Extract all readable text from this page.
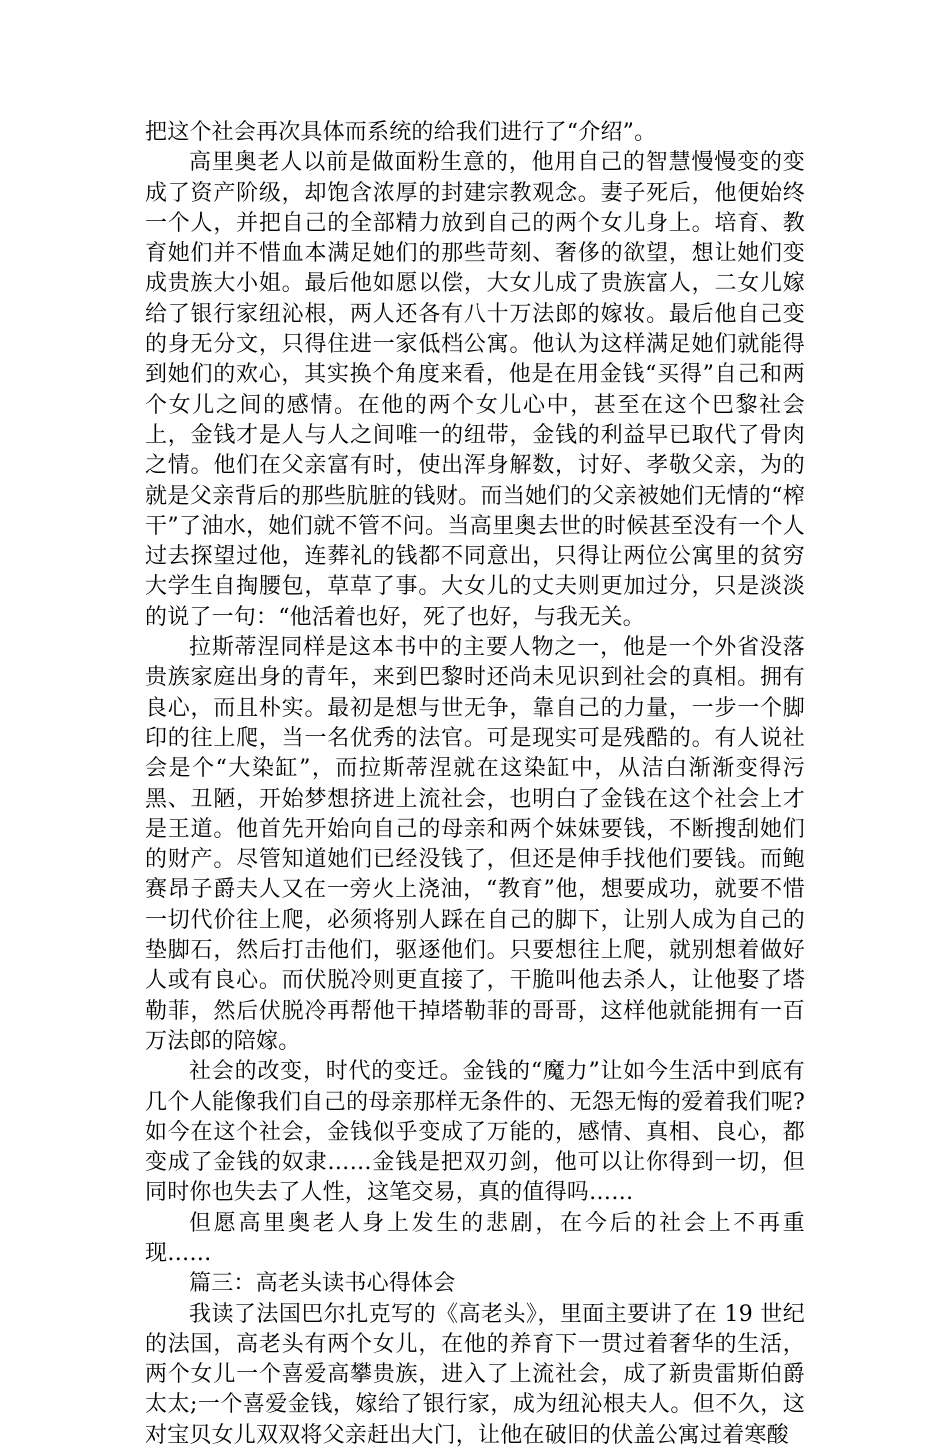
把这个社会再次具体而系统的给我们进行了“介绍”。

高里奥老人以前是做面粉生意的，他用自己的智慧慢慢变的变成了资产阶级，却饱含浓厚的封建宗教观念。妻子死后，他便始终一个人，并把自己的全部精力放到自己的两个女儿身上。培育、教育她们并不惜血本满足她们的那些苛刻、奢侈的欲望，想让她们变成贵族大小姐。最后他如愿以偿，大女儿成了贵族富人，二女儿嫁给了银行家纽沁根，两人还各有八十万法郎的嫁妆。最后他自己变的身无分文，只得住进一家低档公寓。他认为这样满足她们就能得到她们的欢心，其实换个角度来看，他是在用金钱“买得”自己和两个女儿之间的感情。在他的两个女儿心中，甚至在这个巴黎社会上，金钱才是人与人之间唯一的纽带，金钱的利益早已取代了骨肉之情。他们在父亲富有时，使出浑身解数，讨好、孝敬父亲，为的就是父亲背后的那些肮脏的钱财。而当她们的父亲被她们无情的“榨干”了油水，她们就不管不问。当高里奥去世的时候甚至没有一个人过去探望过他，连葬礼的钱都不同意出，只得让两位公寓里的贫穷大学生自掏腰包，草草了事。大女儿的丈夫则更加过分，只是淡淡的说了一句：“他活着也好，死了也好，与我无关。

拉斯蒂涅同样是这本书中的主要人物之一，他是一个外省没落贵族家庭出身的青年，来到巴黎时还尚未见识到社会的真相。拥有良心，而且朴实。最初是想与世无争，靠自己的力量，一步一个脚印的往上爬，当一名优秀的法官。可是现实可是残酷的。有人说社会是个“大染缸”，而拉斯蒂涅就在这染缸中，从洁白渐渐变得污黑、丑陋，开始梦想挤进上流社会，也明白了金钱在这个社会上才是王道。他首先开始向自己的母亲和两个妹妹要钱，不断搜刮她们的财产。尽管知道她们已经没钱了，但还是伸手找他们要钱。而鲍赛昂子爵夫人又在一旁火上浇油，“教育”他，想要成功，就要不惜一切代价往上爬，必须将别人踩在自己的脚下，让别人成为自己的垫脚石，然后打击他们，驱逐他们。只要想往上爬，就别想着做好人或有良心。而伏脱冷则更直接了，干脆叫他去杀人，让他娶了塔勒菲，然后伏脱冷再帮他干掉塔勒菲的哥哥，这样他就能拥有一百万法郎的陪嫁。

社会的改变，时代的变迁。金钱的“魔力”让如今生活中到底有几个人能像我们自己的母亲那样无条件的、无怨无悔的爱着我们呢?如今在这个社会，金钱似乎变成了万能的，感情、真相、良心，都变成了金钱的奴隶……金钱是把双刃剑，他可以让你得到一切，但同时你也失去了人性，这笔交易，真的值得吗……

但愿高里奥老人身上发生的悲剧，在今后的社会上不再重现……

篇三：高老头读书心得体会

我读了法国巴尔扎克写的《高老头》，里面主要讲了在 19 世纪的法国，高老头有两个女儿，在他的养育下一贯过着奢华的生活，两个女儿一个喜爱高攀贵族，进入了上流社会，成了新贵雷斯伯爵太太;一个喜爱金钱，嫁给了银行家，成为纽沁根夫人。但不久，这对宝贝女儿双双将父亲赶出大门，让他在破旧的伏盖公寓过着寒酸
